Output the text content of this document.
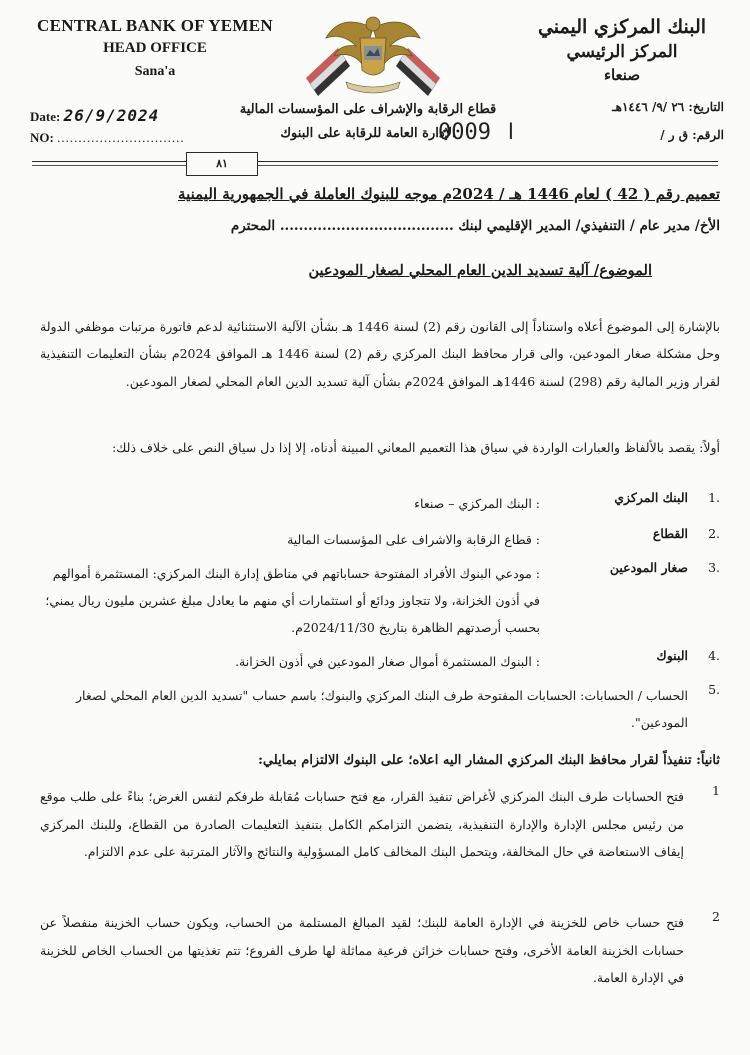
CENTRAL BANK OF YEMEN
HEAD OFFICE
Sana'a
البنك المركزي اليمني
المركز الرئيسي
صنعاء
Date: 26/9/2024
NO: ..............................
قطاع الرقابة والإشراف على المؤسسات المالية
الإدارة العامة للرقابة على البنوك
التاريخ: ٢٦ /٩/ ١٤٤٦هـ
الرقم: ق ر /
0009 ا
٨١
تعميم رقم ( 42 ) لعام 1446 هـ / 2024م موجه للبنوك العاملة في الجمهورية اليمنية
الأخ/ مدير عام / التنفيذي/ المدير الإقليمي لبنك ..................................... المحترم
الموضوع/ آلية تسديد الدين العام المحلي لصغار المودعين
بالإشارة إلى الموضوع أعلاه واستناداً إلى القانون رقم (2) لسنة 1446 هـ بشأن الآلية الاستثنائية لدعم فاتورة مرتبات موظفي الدولة وحل مشكلة صغار المودعين، والى قرار محافظ البنك المركزي رقم (2) لسنة 1446 هـ الموافق 2024م بشأن التعليمات التنفيذية لقرار وزير المالية رقم (298) لسنة 1446هـ الموافق 2024م بشأن آلية تسديد الدين العام المحلي لصغار المودعين.
أولاً: يقصد بالألفاظ والعبارات الواردة في سياق هذا التعميم المعاني المبينة أدناه، إلا إذا دل سياق النص على خلاف ذلك:
.1
البنك المركزي
: البنك المركزي – صنعاء
.2
القطاع
: قطاع الرقابة والاشراف على المؤسسات المالية
.3
صغار المودعين
: مودعي البنوك الأفراد المفتوحة حساباتهم في مناطق إدارة البنك المركزي: المستثمرة أموالهم في أذون الخزانة، ولا تتجاوز ودائع أو استثمارات أي منهم ما يعادل مبلغ عشرين مليون ريال يمني؛ بحسب أرصدتهم الظاهرة بتاريخ 2024/11/30م.
.4
البنوك
: البنوك المستثمرة أموال صغار المودعين في أذون الخزانة.
.5
الحساب / الحسابات: الحسابات المفتوحة طرف البنك المركزي والبنوك؛ باسم حساب "تسديد الدين العام المحلي لصغار المودعين".
ثانياً: تنفيذاً لقرار محافظ البنك المركزي المشار اليه اعلاه؛ على البنوك الالتزام بمايلي:
1
فتح الحسابات طرف البنك المركزي لأغراض تنفيذ القرار، مع فتح حسابات مُقابلة طرفكم لنفس الغرض؛ بناءً على طلب موقع من رئيس مجلس الإدارة والإدارة التنفيذية، يتضمن التزامكم الكامل بتنفيذ التعليمات الصادرة من القطاع، وللبنك المركزي إيقاف الاستعاضة في حال المخالفة، ويتحمل البنك المخالف كامل المسؤولية والنتائج والآثار المترتبة على عدم الالتزام.
2
فتح حساب خاص للخزينة في الإدارة العامة للبنك؛ لقيد المبالغ المستلمة من الحساب، ويكون حساب الخزينة منفصلاً عن حسابات الخزينة العامة الأخرى، وفتح حسابات خزائن فرعية مماثلة لها طرف الفروع؛ تتم تغذيتها من الحساب الخاص للخزينة في الإدارة العامة.
